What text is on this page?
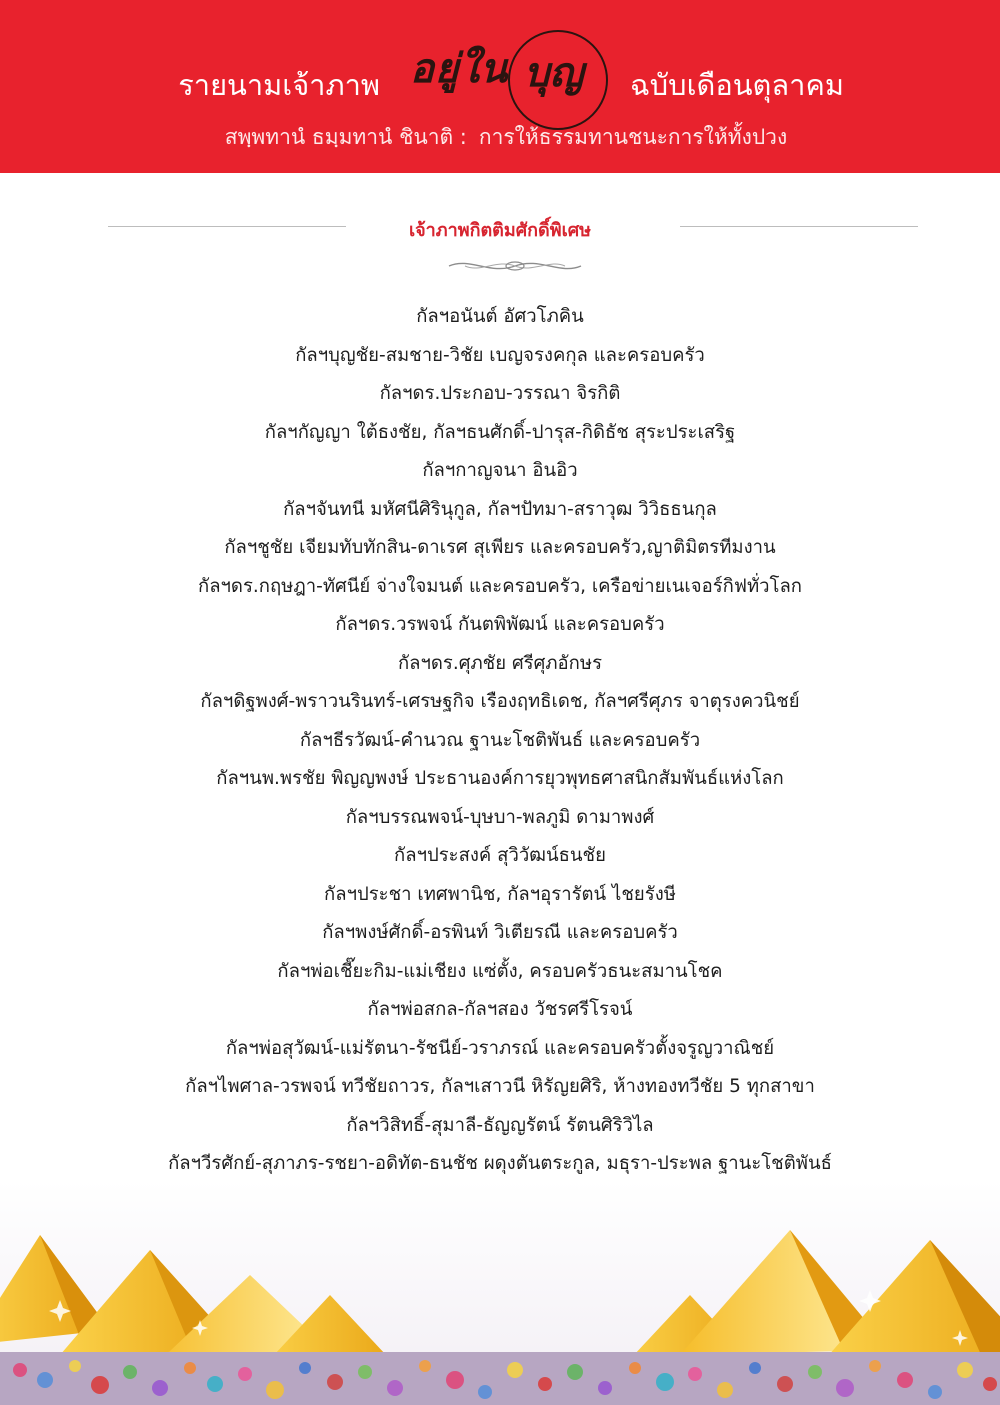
รายนามเจ้าภาพ อยู่ใน บุญ ฉบับเดือนตุลาคม
สพฺพทานํ ธมฺมทานํ ชินาติ : การให้ธรรมทานชนะการให้ทั้งปวง
เจ้าภาพกิตติมศักดิ์พิเศษ
กัลฯอนันต์ อัศวโภคิน
กัลฯบุญชัย-สมชาย-วิชัย เบญจรงคกุล และครอบครัว
กัลฯดร.ประกอบ-วรรณา จิรกิติ
กัลฯกัญญา ใต้ธงชัย, กัลฯธนศักดิ์-ปารุส-กิดิธัช สุระประเสริฐ
กัลฯกาญจนา อินอิว
กัลฯจันทนี มหัศนีศิรินุกูล, กัลฯปัทมา-สราวุฒ วิวิธธนกุล
กัลฯชูชัย เจียมทับทักสิน-ดาเรศ สุเพียร และครอบครัว,ญาติมิตรทีมงาน
กัลฯดร.กฤษฎา-ทัศนีย์ จ่างใจมนต์ และครอบครัว, เครือข่ายเนเจอร์กิฟทั่วโลก
กัลฯดร.วรพจน์ กันตพิพัฒน์ และครอบครัว
กัลฯดร.ศุภชัย ศรีศุภอักษร
กัลฯดิฐพงศ์-พราวนรินทร์-เศรษฐกิจ เรืองฤทธิเดช, กัลฯศรีศุภร จาตุรงควนิชย์
กัลฯธีรวัฒน์-คำนวณ ฐานะโชติพันธ์ และครอบครัว
กัลฯนพ.พรชัย พิญญพงษ์ ประธานองค์การยุวพุทธศาสนิกสัมพันธ์แห่งโลก
กัลฯบรรณพจน์-บุษบา-พลภูมิ ดามาพงศ์
กัลฯประสงค์ สุวิวัฒน์ธนชัย
กัลฯประชา เทศพานิช, กัลฯอุรารัตน์ ไชยรังษี
กัลฯพงษ์ศักดิ์-อรพินท์ วิเตียรณี และครอบครัว
กัลฯพ่อเชี๊ยะกิม-แม่เชียง แซ่ตั้ง, ครอบครัวธนะสมานโชค
กัลฯพ่อสกล-กัลฯสอง วัชรศรีโรจน์
กัลฯพ่อสุวัฒน์-แม่รัตนา-รัชนีย์-วราภรณ์ และครอบครัวตั้งจรูญวาณิชย์
กัลฯไพศาล-วรพจน์ ทวีชัยถาวร, กัลฯเสาวนี หิรัญยศิริ, ห้างทองทวีชัย 5 ทุกสาขา
กัลฯวิสิทธิ์-สุมาลี-ธัญญรัตน์ รัตนศิริวิไล
กัลฯวีรศักย์-สุภาภร-รชยา-อดิทัต-ธนชัช ผดุงตันตระกูล, มธุรา-ประพล ฐานะโชติพันธ์
